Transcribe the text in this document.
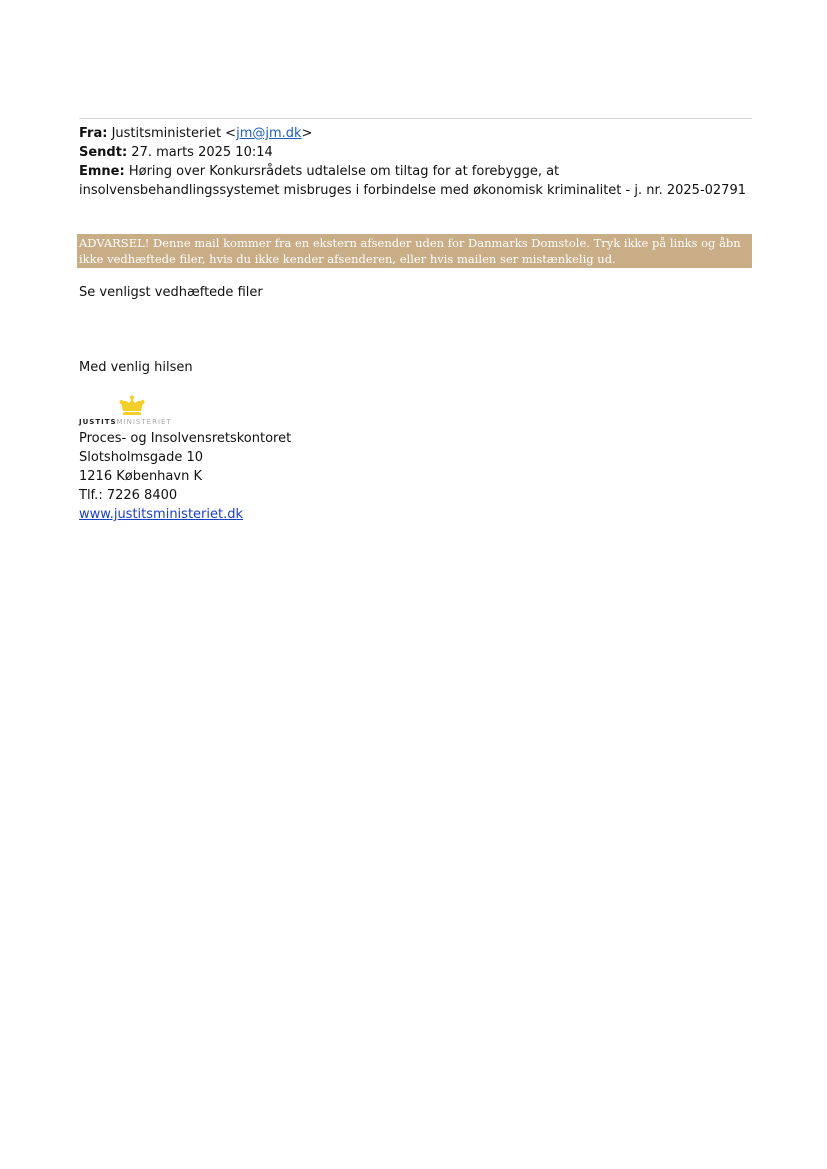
Fra: Justitsministeriet <jm@jm.dk>

Sendt: 27. marts 2025 10:14

Emne: Høring over Konkursrådets udtalelse om tiltag for at forebygge, at insolvensbehandlingssystemet misbruges i forbindelse med økonomisk kriminalitet - j. nr. 2025-02791

ADVARSEL! Denne mail kommer fra en ekstern afsender uden for Danmarks Domstole. Tryk ikke på links og åbn ikke vedhæftede filer, hvis du ikke kender afsenderen, eller hvis mailen ser mistænkelig ud.

Se venligst vedhæftede filer

Med venlig hilsen

JUSTITSMINISTERIET

Proces- og Insolvensretskontoret

Slotsholmsgade 10

1216 København K

Tlf.: 7226 8400

www.justitsministeriet.dk
